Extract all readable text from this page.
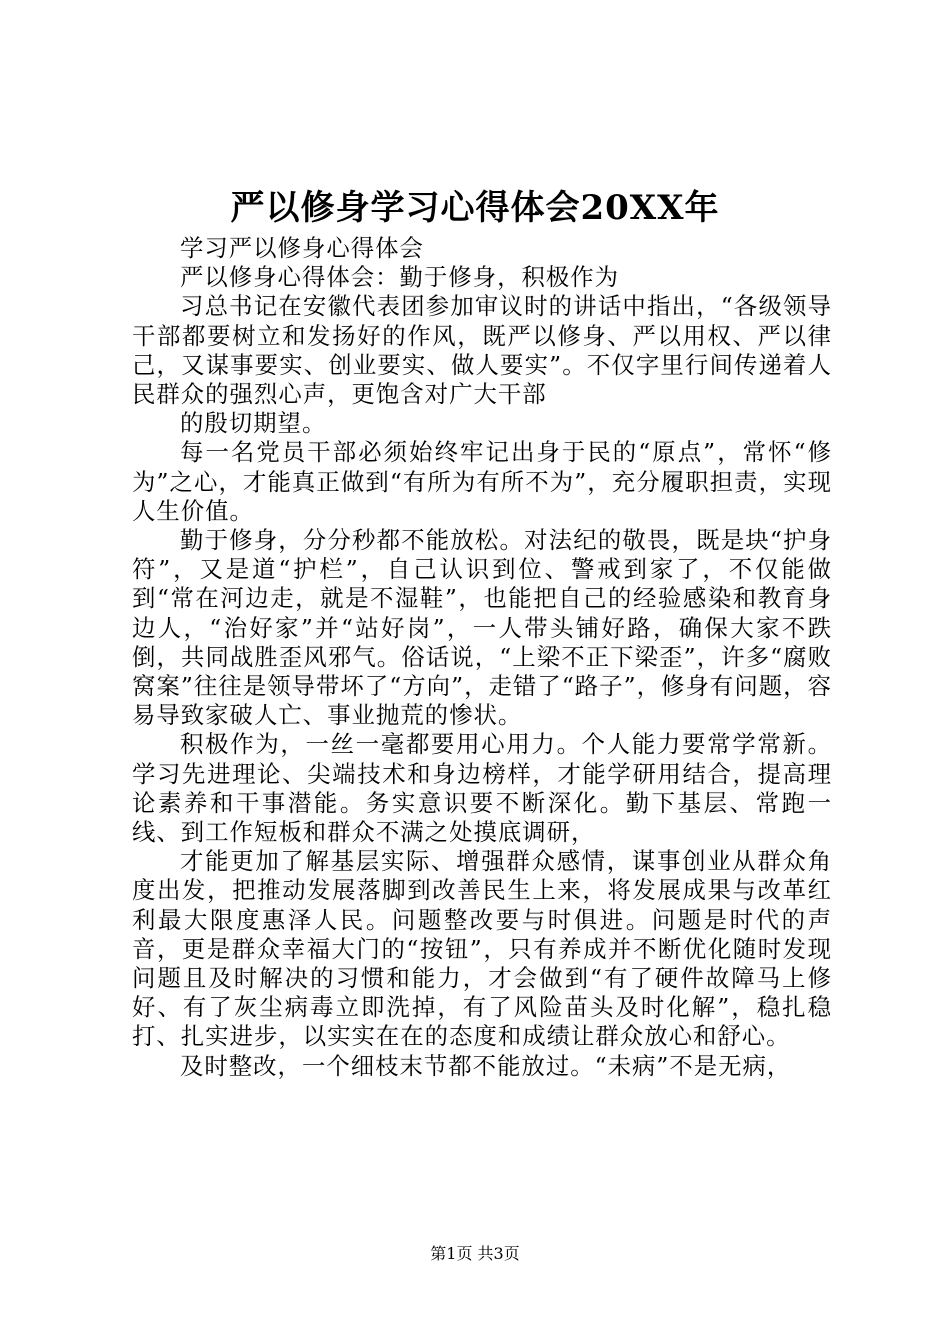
严以修身学习心得体会20XX年

学习严以修身心得体会

严以修身心得体会：勤于修身，积极作为

习总书记在安徽代表团参加审议时的讲话中指出，“各级领导干部都要树立和发扬好的作风，既严以修身、严以用权、严以律己，又谋事要实、创业要实、做人要实”。不仅字里行间传递着人民群众的强烈心声，更饱含对广大干部

的殷切期望。

每一名党员干部必须始终牢记出身于民的“原点”，常怀“修为”之心，才能真正做到“有所为有所不为”，充分履职担责，实现人生价值。

勤于修身，分分秒都不能放松。对法纪的敬畏，既是块“护身符”，又是道“护栏”，自己认识到位、警戒到家了，不仅能做到“常在河边走，就是不湿鞋”，也能把自己的经验感染和教育身边人，“治好家”并“站好岗”，一人带头铺好路，确保大家不跌倒，共同战胜歪风邪气。俗话说，“上梁不正下梁歪”，许多“腐败窝案”往往是领导带坏了“方向”，走错了“路子”，修身有问题，容易导致家破人亡、事业抛荒的惨状。

积极作为，一丝一毫都要用心用力。个人能力要常学常新。学习先进理论、尖端技术和身边榜样，才能学研用结合，提高理论素养和干事潜能。务实意识要不断深化。勤下基层、常跑一线、到工作短板和群众不满之处摸底调研，

才能更加了解基层实际、增强群众感情，谋事创业从群众角度出发，把推动发展落脚到改善民生上来，将发展成果与改革红利最大限度惠泽人民。问题整改要与时俱进。问题是时代的声音，更是群众幸福大门的“按钮”，只有养成并不断优化随时发现问题且及时解决的习惯和能力，才会做到“有了硬件故障马上修好、有了灰尘病毒立即洗掉，有了风险苗头及时化解”，稳扎稳打、扎实进步，以实实在在的态度和成绩让群众放心和舒心。

及时整改，一个细枝末节都不能放过。“未病”不是无病，

第1页 共3页
